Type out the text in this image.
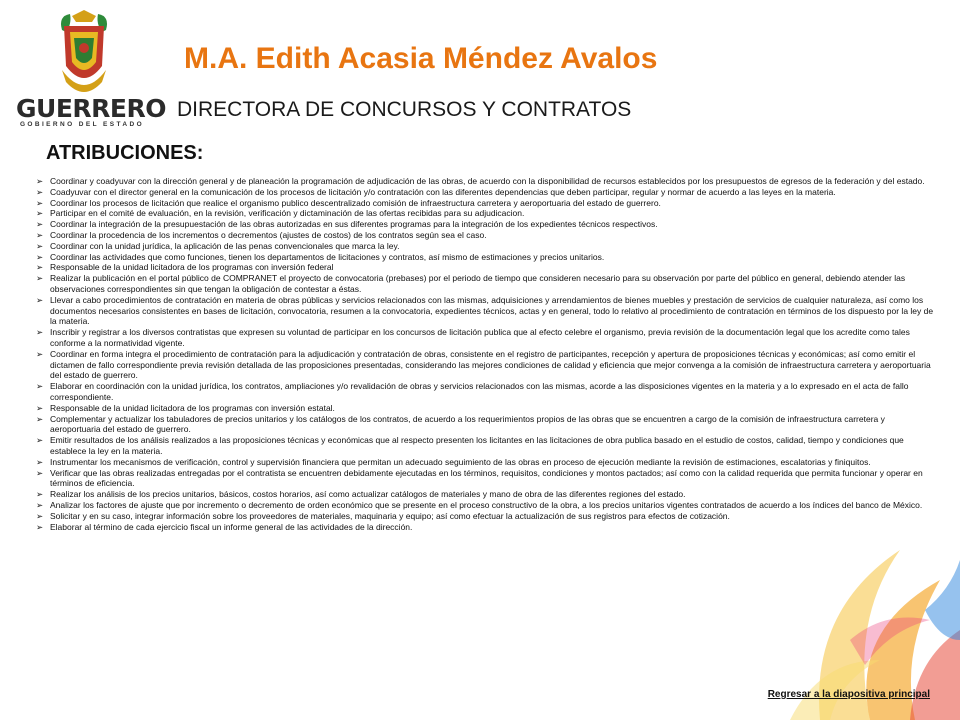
GUERRERO
GOBIERNO DEL ESTADO
M.A. Edith Acasia Méndez Avalos
DIRECTORA DE CONCURSOS Y CONTRATOS
ATRIBUCIONES:
➢ Coordinar y coadyuvar con la dirección general y de planeación la programación de adjudicación de las obras, de acuerdo con la disponibilidad de recursos establecidos por los presupuestos de egresos de la federación y del estado.
➢ Coadyuvar con el director general en la comunicación de los procesos de licitación y/o contratación con las diferentes dependencias que deben participar, regular y normar de acuerdo a las leyes en la materia.
➢ Coordinar los procesos de licitación que realice el organismo publico descentralizado comisión de infraestructura carretera y aeroportuaria del estado de guerrero.
➢ Participar en el comité de evaluación, en la revisión, verificación y dictaminación de las ofertas recibidas para su adjudicacion.
➢ Coordinar la integración de la presupuestación de las obras autorizadas en sus diferentes programas para la integración de los expedientes técnicos respectivos.
➢ Coordinar la procedencia de los incrementos o decrementos (ajustes de costos) de los contratos según sea el caso.
➢ Coordinar con la unidad jurídica, la aplicación de las penas convencionales que marca la ley.
➢ Coordinar las actividades que como funciones, tienen los departamentos de licitaciones y contratos, así mismo de estimaciones y precios unitarios.
➢ Responsable de la unidad licitadora de los programas con inversión federal
➢ Realizar la publicación en el portal público de COMPRANET el proyecto de convocatoria (prebases) por el periodo de tiempo que consideren necesario para su observación por parte del público en general, debiendo atender las observaciones correspondientes sin que tengan la obligación de contestar a éstas.
➢ Llevar a cabo procedimientos de contratación en materia de obras públicas y servicios relacionados con las mismas, adquisiciones y arrendamientos de bienes muebles y prestación de servicios de cualquier naturaleza, así como los documentos necesarios consistentes en bases de licitación, convocatoria, resumen a la convocatoria, expedientes técnicos, actas y en general, todo lo relativo al procedimiento de contratación en términos de los dispuesto por la ley de la materia.
➢ Inscribir y registrar a los diversos contratistas que expresen su voluntad de participar en los concursos de licitación publica que al efecto celebre el organismo, previa revisión de la documentación legal que los acredite como tales conforme a la normatividad vigente.
➢ Coordinar en forma integra el procedimiento de contratación para la adjudicación y contratación de obras, consistente en el registro de participantes, recepción y apertura de proposiciones técnicas y económicas; así como emitir el dictamen de fallo correspondiente previa revisión detallada de las proposiciones presentadas, considerando las mejores condiciones de calidad y eficiencia que mejor convenga a la comisión de infraestructura carretera y aeroportuaria del estado de guerrero.
➢ Elaborar en coordinación con la unidad jurídica, los contratos, ampliaciones y/o revalidación de obras y servicios relacionados con las mismas, acorde a las disposiciones vigentes en la materia y a lo expresado en el acta de fallo correspondiente.
➢ Responsable de la unidad licitadora de los programas con inversión estatal.
➢ Complementar y actualizar los tabuladores de precios unitarios y los catálogos de los contratos, de acuerdo a los requerimientos propios de las obras que se encuentren a cargo de la comisión de infraestructura carretera y aeroportuaria del estado de guerrero.
➢ Emitir resultados de los análisis realizados a las proposiciones técnicas y económicas que al respecto presenten los licitantes en las licitaciones de obra publica basado en el estudio de costos, calidad, tiempo y condiciones que establece la ley en la materia.
➢ Instrumentar los mecanismos de verificación, control y supervisión financiera que permitan un adecuado seguimiento de las obras en proceso de ejecución mediante la revisión de estimaciones, escalatorias y finiquitos.
➢ Verificar que las obras realizadas entregadas por el contratista se encuentren debidamente ejecutadas en los términos, requisitos, condiciones y montos pactados; así como con la calidad requerida que permita funcionar y operar en términos de eficiencia.
➢ Realizar los análisis de los precios unitarios, básicos, costos horarios, así como actualizar catálogos de materiales y mano de obra de las diferentes regiones del estado.
➢ Analizar los factores de ajuste que por incremento o decremento de orden económico que se presente en el proceso constructivo de la obra, a los precios unitarios vigentes contratados de acuerdo a los índices del banco de México.
➢ Solicitar y en su caso, integrar información sobre los proveedores de materiales, maquinaria y equipo; así como efectuar la actualización de sus registros para efectos de cotización.
➢ Elaborar al término de cada ejercicio fiscal un informe general de las actividades de la dirección.
Regresar a la diapositiva principal
